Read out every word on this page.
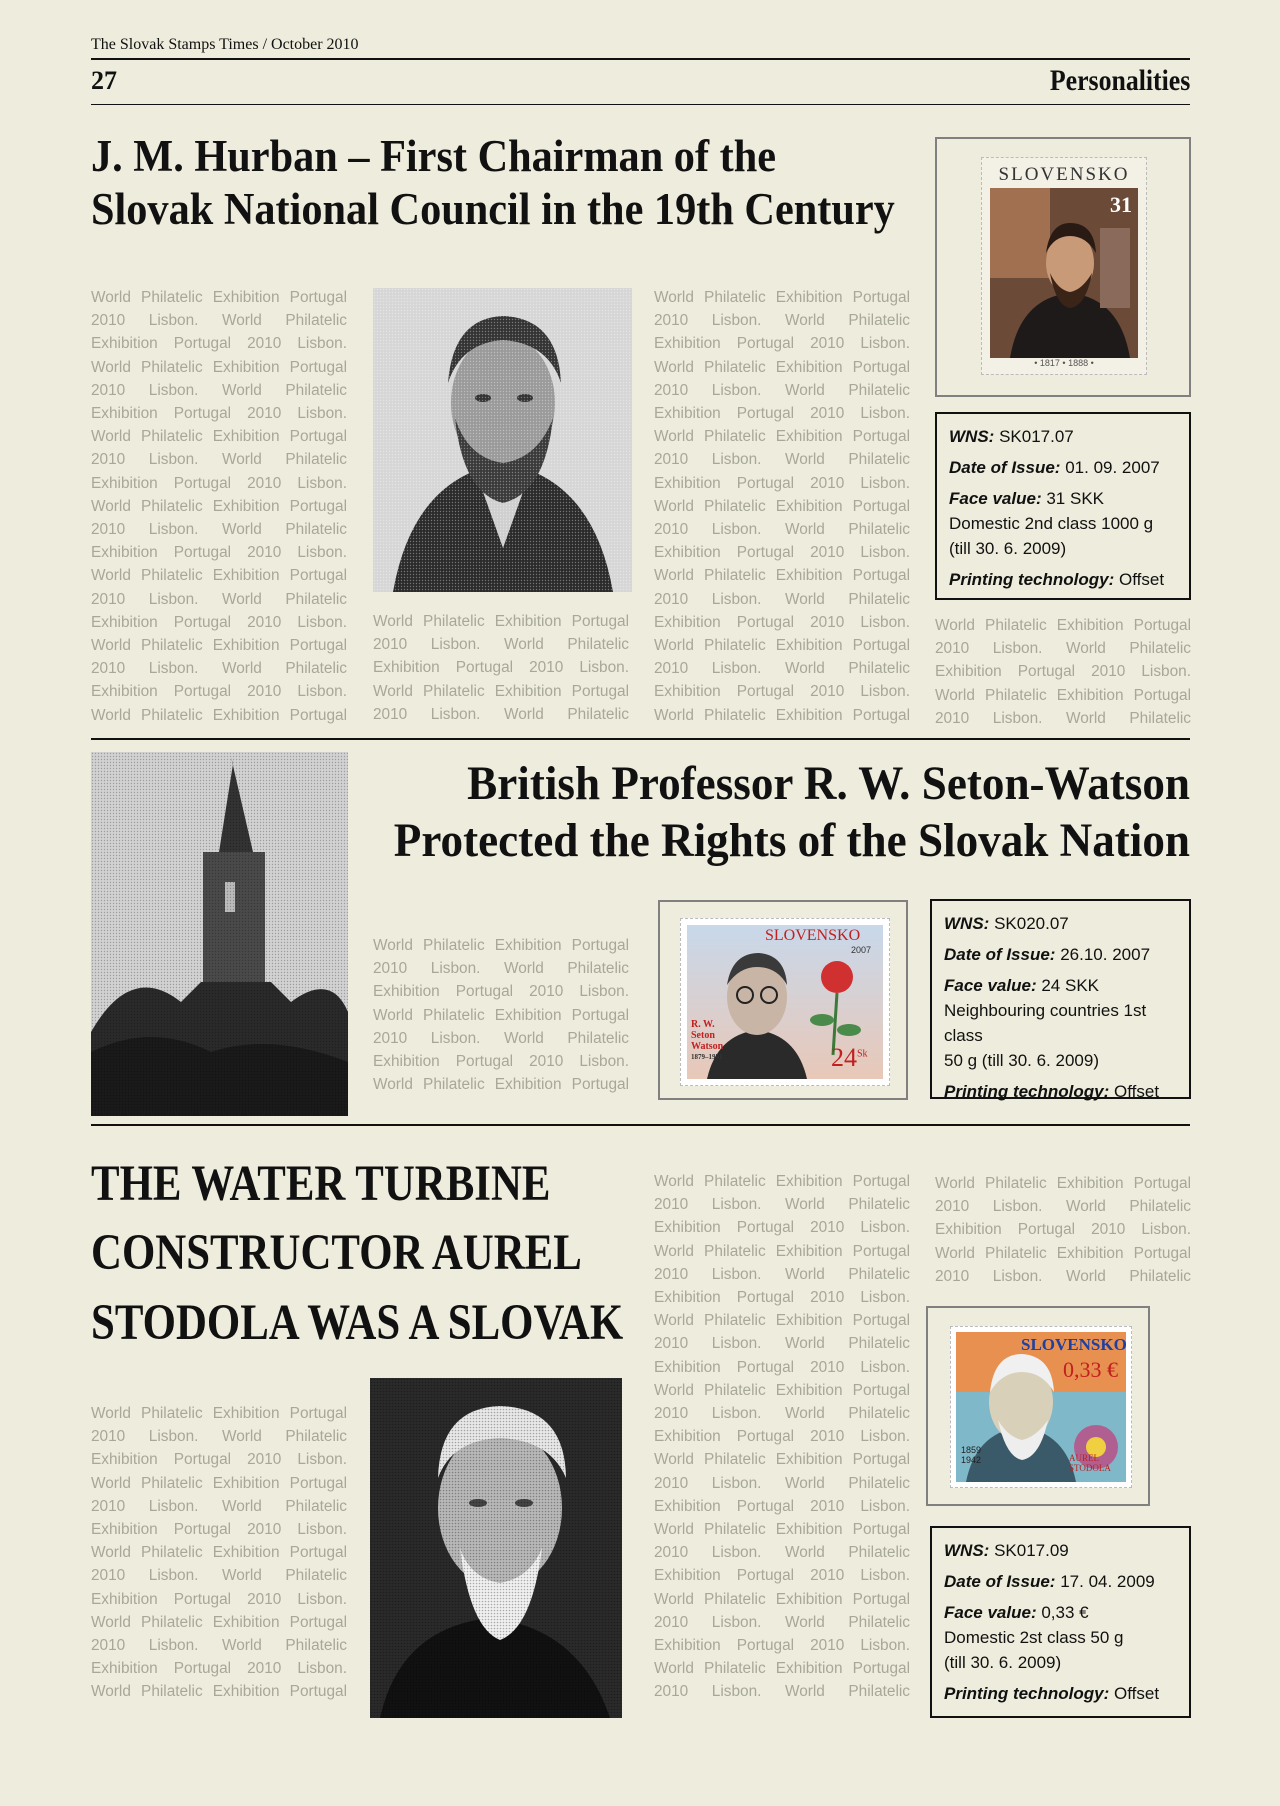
The Slovak Stamps Times / October 2010
27	Personalities
J. M. Hurban – First Chairman of the Slovak National Council in the 19th Century
World Philatelic Exhibition Portugal 2010 Lisbon. World Philatelic Exhibition Portugal 2010 Lisbon. World Philatelic Exhibition Portugal 2010 Lisbon. World Philatelic Exhibition Portugal 2010 Lisbon. World Philatelic Exhibition Portugal 2010 Lisbon. World Philatelic Exhibition Portugal 2010 Lisbon. World Philatelic Exhibition Portugal 2010 Lisbon. World Philatelic Exhibition Portugal 2010 Lisbon. World Philatelic Exhibition Portugal 2010 Lisbon. World Philatelic Exhibition Portugal 2010 Lisbon. World Philatelic Exhibition Portugal 2010 Lisbon. World Philatelic Exhibition Portugal 2010 Lisbon. World Philatelic Exhibition Portugal
World Philatelic Exhibition Portugal 2010 Lisbon. World Philatelic Exhibition Portugal 2010 Lisbon. World Philatelic Exhibition Portugal 2010 Lisbon. World Philatelic
World Philatelic Exhibition Portugal 2010 Lisbon. World Philatelic Exhibition Portugal 2010 Lisbon. World Philatelic Exhibition Portugal 2010 Lisbon. World Philatelic Exhibition Portugal 2010 Lisbon. World Philatelic Exhibition Portugal 2010 Lisbon. World Philatelic Exhibition Portugal 2010 Lisbon. World Philatelic Exhibition Portugal 2010 Lisbon. World Philatelic Exhibition Portugal 2010 Lisbon. World Philatelic Exhibition Portugal 2010 Lisbon. World Philatelic Exhibition Portugal 2010 Lisbon. World Philatelic Exhibition Portugal 2010 Lisbon. World Philatelic Exhibition Portugal 2010 Lisbon. World Philatelic Exhibition Portugal
SLOVENSKO
31
• 1817 • 1888 •
WNS: SK017.07
Date of Issue: 01. 09. 2007
Face value: 31 SKK
Domestic 2nd class 1000 g
(till 30. 6. 2009)
Printing technology: Offset
World Philatelic Exhibition Portugal 2010 Lisbon. World Philatelic Exhibition Portugal 2010 Lisbon. World Philatelic Exhibition Portugal 2010 Lisbon. World Philatelic
British Professor R. W. Seton-Watson Protected the Rights of the Slovak Nation
World Philatelic Exhibition Portugal 2010 Lisbon. World Philatelic Exhibition Portugal 2010 Lisbon. World Philatelic Exhibition Portugal 2010 Lisbon. World Philatelic Exhibition Portugal 2010 Lisbon. World Philatelic Exhibition Portugal
SLOVENSKO
2007
R. W.
Seton
Watson
1879–1951	$24^{Sk}$
WNS: SK020.07
Date of Issue: 26.10. 2007
Face value: 24 SKK
Neighbouring countries 1st class
50 g (till 30. 6. 2009)
Printing technology: Offset
THE WATER TURBINE CONSTRUCTOR AUREL STODOLA WAS A SLOVAK
World Philatelic Exhibition Portugal 2010 Lisbon. World Philatelic Exhibition Portugal 2010 Lisbon. World Philatelic Exhibition Portugal 2010 Lisbon. World Philatelic Exhibition Portugal 2010 Lisbon. World Philatelic Exhibition Portugal 2010 Lisbon. World Philatelic Exhibition Portugal 2010 Lisbon. World Philatelic Exhibition Portugal 2010 Lisbon. World Philatelic Exhibition Portugal 2010 Lisbon. World Philatelic Exhibition Portugal
World Philatelic Exhibition Portugal 2010 Lisbon. World Philatelic Exhibition Portugal 2010 Lisbon. World Philatelic Exhibition Portugal 2010 Lisbon. World Philatelic Exhibition Portugal 2010 Lisbon. World Philatelic Exhibition Portugal 2010 Lisbon. World Philatelic Exhibition Portugal 2010 Lisbon. World Philatelic Exhibition Portugal 2010 Lisbon. World Philatelic Exhibition Portugal 2010 Lisbon. World Philatelic Exhibition Portugal 2010 Lisbon. World Philatelic Exhibition Portugal 2010 Lisbon. World Philatelic Exhibition Portugal 2010 Lisbon. World Philatelic Exhibition Portugal 2010 Lisbon. World Philatelic Exhibition Portugal 2010 Lisbon. World Philatelic Exhibition Portugal 2010 Lisbon. World Philatelic Exhibition Portugal 2010 Lisbon. World Philatelic
World Philatelic Exhibition Portugal 2010 Lisbon. World Philatelic Exhibition Portugal 2010 Lisbon. World Philatelic Exhibition Portugal 2010 Lisbon. World Philatelic
SLOVENSKO
0,33 €
1859
1942	AUREL
STODOLA
WNS: SK017.09
Date of Issue: 17. 04. 2009
Face value: 0,33 €
Domestic 2st class 50 g
(till 30. 6. 2009)
Printing technology: Offset
